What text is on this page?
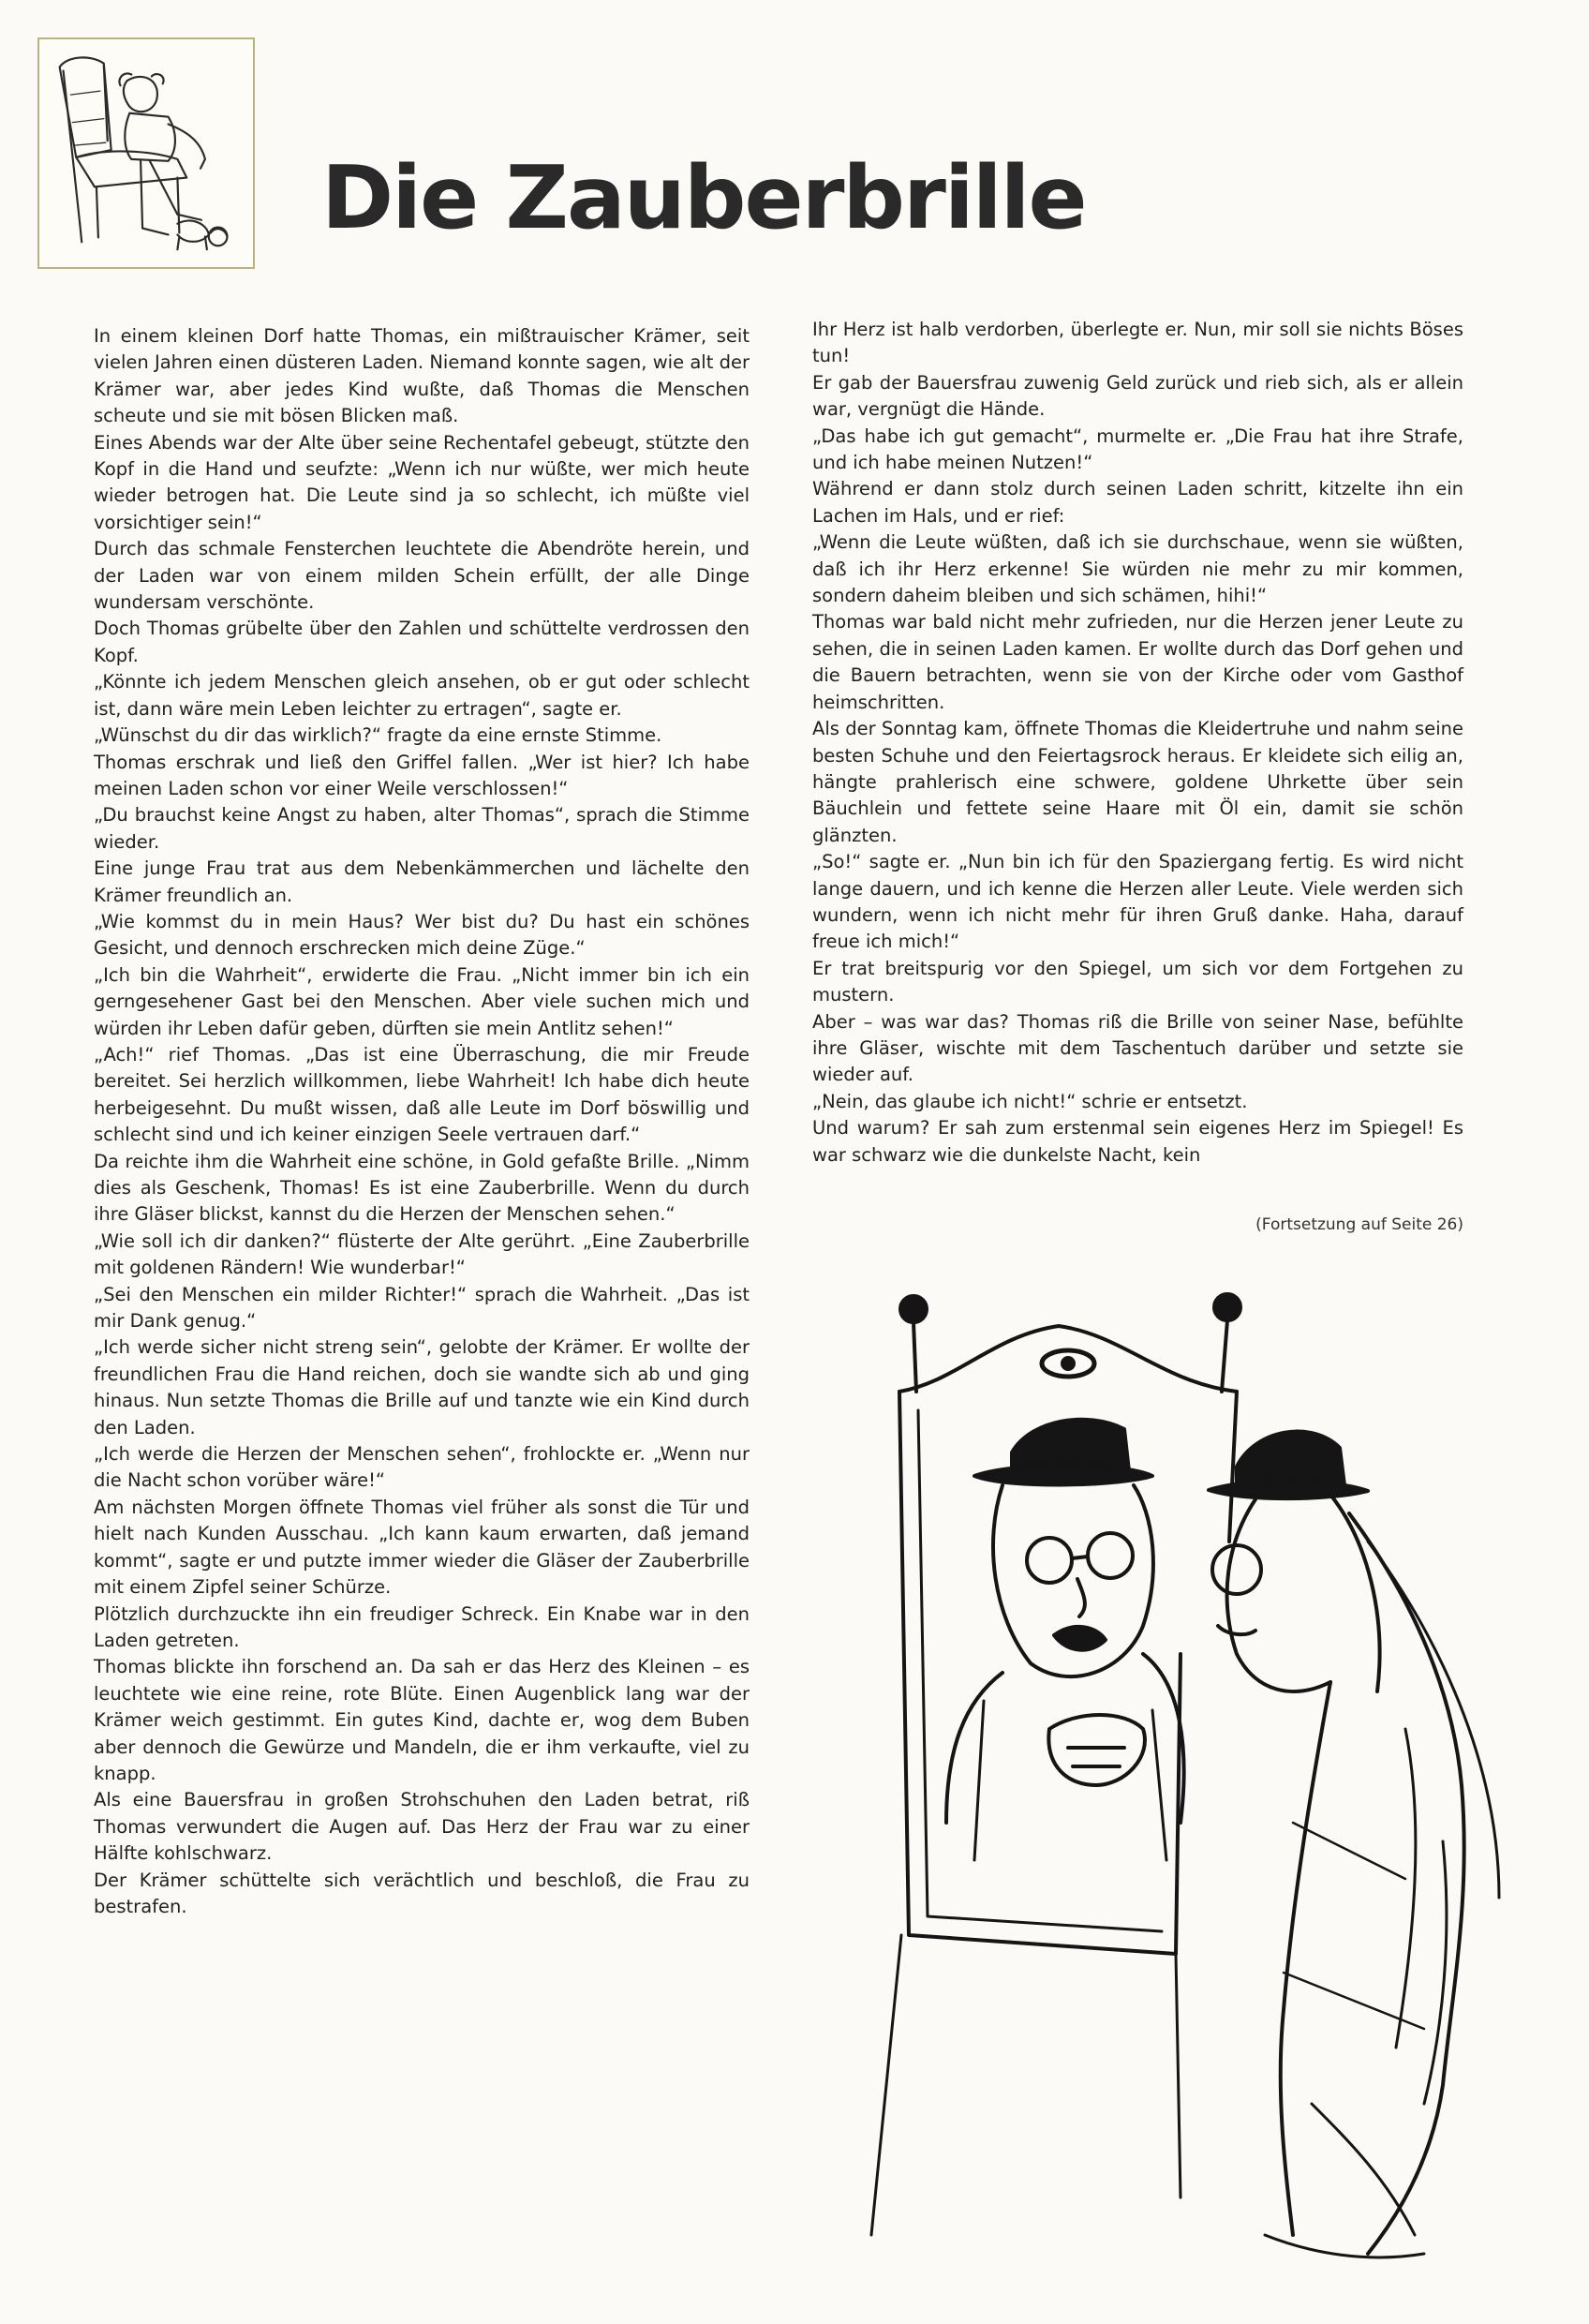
Die Zauberbrille

In einem kleinen Dorf hatte Thomas, ein mißtrauischer Krämer, seit vielen Jahren einen düsteren Laden. Niemand konnte sagen, wie alt der Krämer war, aber jedes Kind wußte, daß Thomas die Menschen scheute und sie mit bösen Blicken maß.

Eines Abends war der Alte über seine Rechentafel gebeugt, stützte den Kopf in die Hand und seufzte: „Wenn ich nur wüßte, wer mich heute wieder betrogen hat. Die Leute sind ja so schlecht, ich müßte viel vorsichtiger sein!“

Durch das schmale Fensterchen leuchtete die Abendröte herein, und der Laden war von einem milden Schein erfüllt, der alle Dinge wundersam verschönte.

Doch Thomas grübelte über den Zahlen und schüttelte verdrossen den Kopf.

„Könnte ich jedem Menschen gleich ansehen, ob er gut oder schlecht ist, dann wäre mein Leben leichter zu ertragen“, sagte er.

„Wünschst du dir das wirklich?“ fragte da eine ernste Stimme.

Thomas erschrak und ließ den Griffel fallen. „Wer ist hier? Ich habe meinen Laden schon vor einer Weile verschlossen!“

„Du brauchst keine Angst zu haben, alter Thomas“, sprach die Stimme wieder.

Eine junge Frau trat aus dem Nebenkämmerchen und lächelte den Krämer freundlich an.

„Wie kommst du in mein Haus? Wer bist du? Du hast ein schönes Gesicht, und dennoch erschrecken mich deine Züge.“

„Ich bin die Wahrheit“, erwiderte die Frau. „Nicht immer bin ich ein gerngesehener Gast bei den Menschen. Aber viele suchen mich und würden ihr Leben dafür geben, dürften sie mein Antlitz sehen!“

„Ach!“ rief Thomas. „Das ist eine Überraschung, die mir Freude bereitet. Sei herzlich willkommen, liebe Wahrheit! Ich habe dich heute herbeigesehnt. Du mußt wissen, daß alle Leute im Dorf böswillig und schlecht sind und ich keiner einzigen Seele vertrauen darf.“

Da reichte ihm die Wahrheit eine schöne, in Gold gefaßte Brille. „Nimm dies als Geschenk, Thomas! Es ist eine Zauberbrille. Wenn du durch ihre Gläser blickst, kannst du die Herzen der Menschen sehen.“

„Wie soll ich dir danken?“ flüsterte der Alte gerührt. „Eine Zauberbrille mit goldenen Rändern! Wie wunderbar!“

„Sei den Menschen ein milder Richter!“ sprach die Wahrheit. „Das ist mir Dank genug.“

„Ich werde sicher nicht streng sein“, gelobte der Krämer. Er wollte der freundlichen Frau die Hand reichen, doch sie wandte sich ab und ging hinaus. Nun setzte Thomas die Brille auf und tanzte wie ein Kind durch den Laden.

„Ich werde die Herzen der Menschen sehen“, frohlockte er. „Wenn nur die Nacht schon vorüber wäre!“

Am nächsten Morgen öffnete Thomas viel früher als sonst die Tür und hielt nach Kunden Ausschau. „Ich kann kaum erwarten, daß jemand kommt“, sagte er und putzte immer wieder die Gläser der Zauberbrille mit einem Zipfel seiner Schürze.

Plötzlich durchzuckte ihn ein freudiger Schreck. Ein Knabe war in den Laden getreten.

Thomas blickte ihn forschend an. Da sah er das Herz des Kleinen – es leuchtete wie eine reine, rote Blüte. Einen Augenblick lang war der Krämer weich gestimmt. Ein gutes Kind, dachte er, wog dem Buben aber dennoch die Gewürze und Mandeln, die er ihm verkaufte, viel zu knapp.

Als eine Bauersfrau in großen Strohschuhen den Laden betrat, riß Thomas verwundert die Augen auf. Das Herz der Frau war zu einer Hälfte kohlschwarz.

Der Krämer schüttelte sich verächtlich und beschloß, die Frau zu bestrafen.

Ihr Herz ist halb verdorben, überlegte er. Nun, mir soll sie nichts Böses tun!

Er gab der Bauersfrau zuwenig Geld zurück und rieb sich, als er allein war, vergnügt die Hände.

„Das habe ich gut gemacht“, murmelte er. „Die Frau hat ihre Strafe, und ich habe meinen Nutzen!“

Während er dann stolz durch seinen Laden schritt, kitzelte ihn ein Lachen im Hals, und er rief:

„Wenn die Leute wüßten, daß ich sie durchschaue, wenn sie wüßten, daß ich ihr Herz erkenne! Sie würden nie mehr zu mir kommen, sondern daheim bleiben und sich schämen, hihi!“

Thomas war bald nicht mehr zufrieden, nur die Herzen jener Leute zu sehen, die in seinen Laden kamen. Er wollte durch das Dorf gehen und die Bauern betrachten, wenn sie von der Kirche oder vom Gasthof heimschritten.

Als der Sonntag kam, öffnete Thomas die Kleidertruhe und nahm seine besten Schuhe und den Feiertagsrock heraus. Er kleidete sich eilig an, hängte prahlerisch eine schwere, goldene Uhrkette über sein Bäuchlein und fettete seine Haare mit Öl ein, damit sie schön glänzten.

„So!“ sagte er. „Nun bin ich für den Spaziergang fertig. Es wird nicht lange dauern, und ich kenne die Herzen aller Leute. Viele werden sich wundern, wenn ich nicht mehr für ihren Gruß danke. Haha, darauf freue ich mich!“

Er trat breitspurig vor den Spiegel, um sich vor dem Fortgehen zu mustern.

Aber – was war das? Thomas riß die Brille von seiner Nase, befühlte ihre Gläser, wischte mit dem Taschentuch darüber und setzte sie wieder auf.

„Nein, das glaube ich nicht!“ schrie er entsetzt.

Und warum? Er sah zum erstenmal sein eigenes Herz im Spiegel! Es war schwarz wie die dunkelste Nacht, kein

(Fortsetzung auf Seite 26)
